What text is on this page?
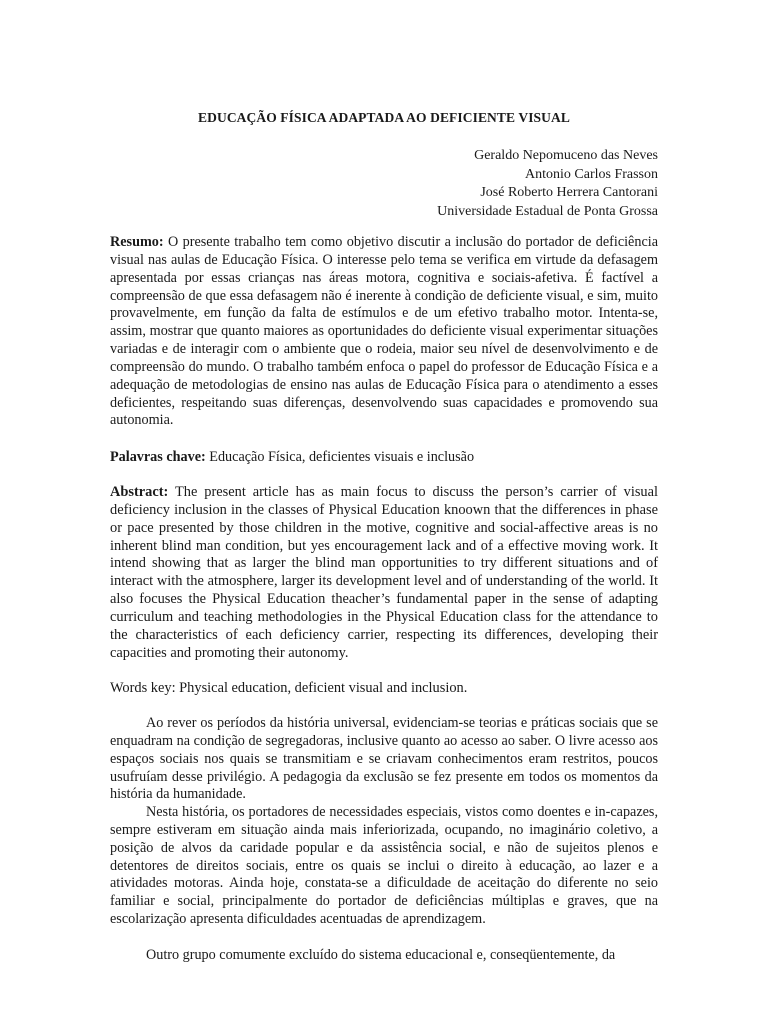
EDUCAÇÃO FÍSICA ADAPTADA AO DEFICIENTE VISUAL
Geraldo Nepomuceno das Neves
Antonio Carlos Frasson
José Roberto Herrera Cantorani
Universidade Estadual de Ponta Grossa

Resumo: O presente trabalho tem como objetivo discutir a inclusão do portador de deficiência visual nas aulas de Educação Física. O interesse pelo tema se verifica em virtude da defasagem apresentada por essas crianças nas áreas motora, cognitiva e sociais-afetiva. É factível a compreensão de que essa defasagem não é inerente à condição de deficiente visual, e sim, muito provavelmente, em função da falta de estímulos e de um efetivo trabalho motor. Intenta-se, assim, mostrar que quanto maiores as oportunidades do deficiente visual experimentar situações variadas e de interagir com o ambiente que o rodeia, maior seu nível de desenvolvimento e de compreensão do mundo. O trabalho também enfoca o papel do professor de Educação Física e a adequação de metodologias de ensino nas aulas de Educação Física para o atendimento a esses deficientes, respeitando suas diferenças, desenvolvendo suas capacidades e promovendo sua autonomia.

Palavras chave: Educação Física, deficientes visuais e inclusão

Abstract: The present article has as main focus to discuss the person’s carrier of visual deficiency inclusion in the classes of Physical Education knoown that the differences in phase or pace presented by those children in the motive, cognitive and social-affective areas is no inherent blind man condition, but yes encouragement lack and of a effective moving work. It intend showing that as larger the blind man opportunities to try different situations and of interact with the atmosphere, larger its development level and of understanding of the world. It also focuses the Physical Education theacher’s fundamental paper in the sense of adapting curriculum and teaching methodologies in the Physical Education class for the attendance to the characteristics of each deficiency carrier, respecting its differences, developing their capacities and promoting their autonomy.

Words key: Physical education, deficient visual and inclusion.

Ao rever os períodos da história universal, evidenciam-se teorias e práticas sociais que se enquadram na condição de segregadoras, inclusive quanto ao acesso ao saber. O livre acesso aos espaços sociais nos quais se transmitiam e se criavam conhecimentos eram restritos, poucos usufruíam desse privilégio. A pedagogia da exclusão se fez presente em todos os momentos da história da humanidade.

Nesta história, os portadores de necessidades especiais, vistos como doentes e in-capazes, sempre estiveram em situação ainda mais inferiorizada, ocupando, no imaginário coletivo, a posição de alvos da caridade popular e da assistência social, e não de sujeitos plenos e detentores de direitos sociais, entre os quais se inclui o direito à educação, ao lazer e a atividades motoras. Ainda hoje, constata-se a dificuldade de aceitação do diferente no seio familiar e social, principalmente do portador de deficiências múltiplas e graves, que na escolarização apresenta dificuldades acentuadas de aprendizagem.

Outro grupo comumente excluído do sistema educacional e, conseqüentemente, da
